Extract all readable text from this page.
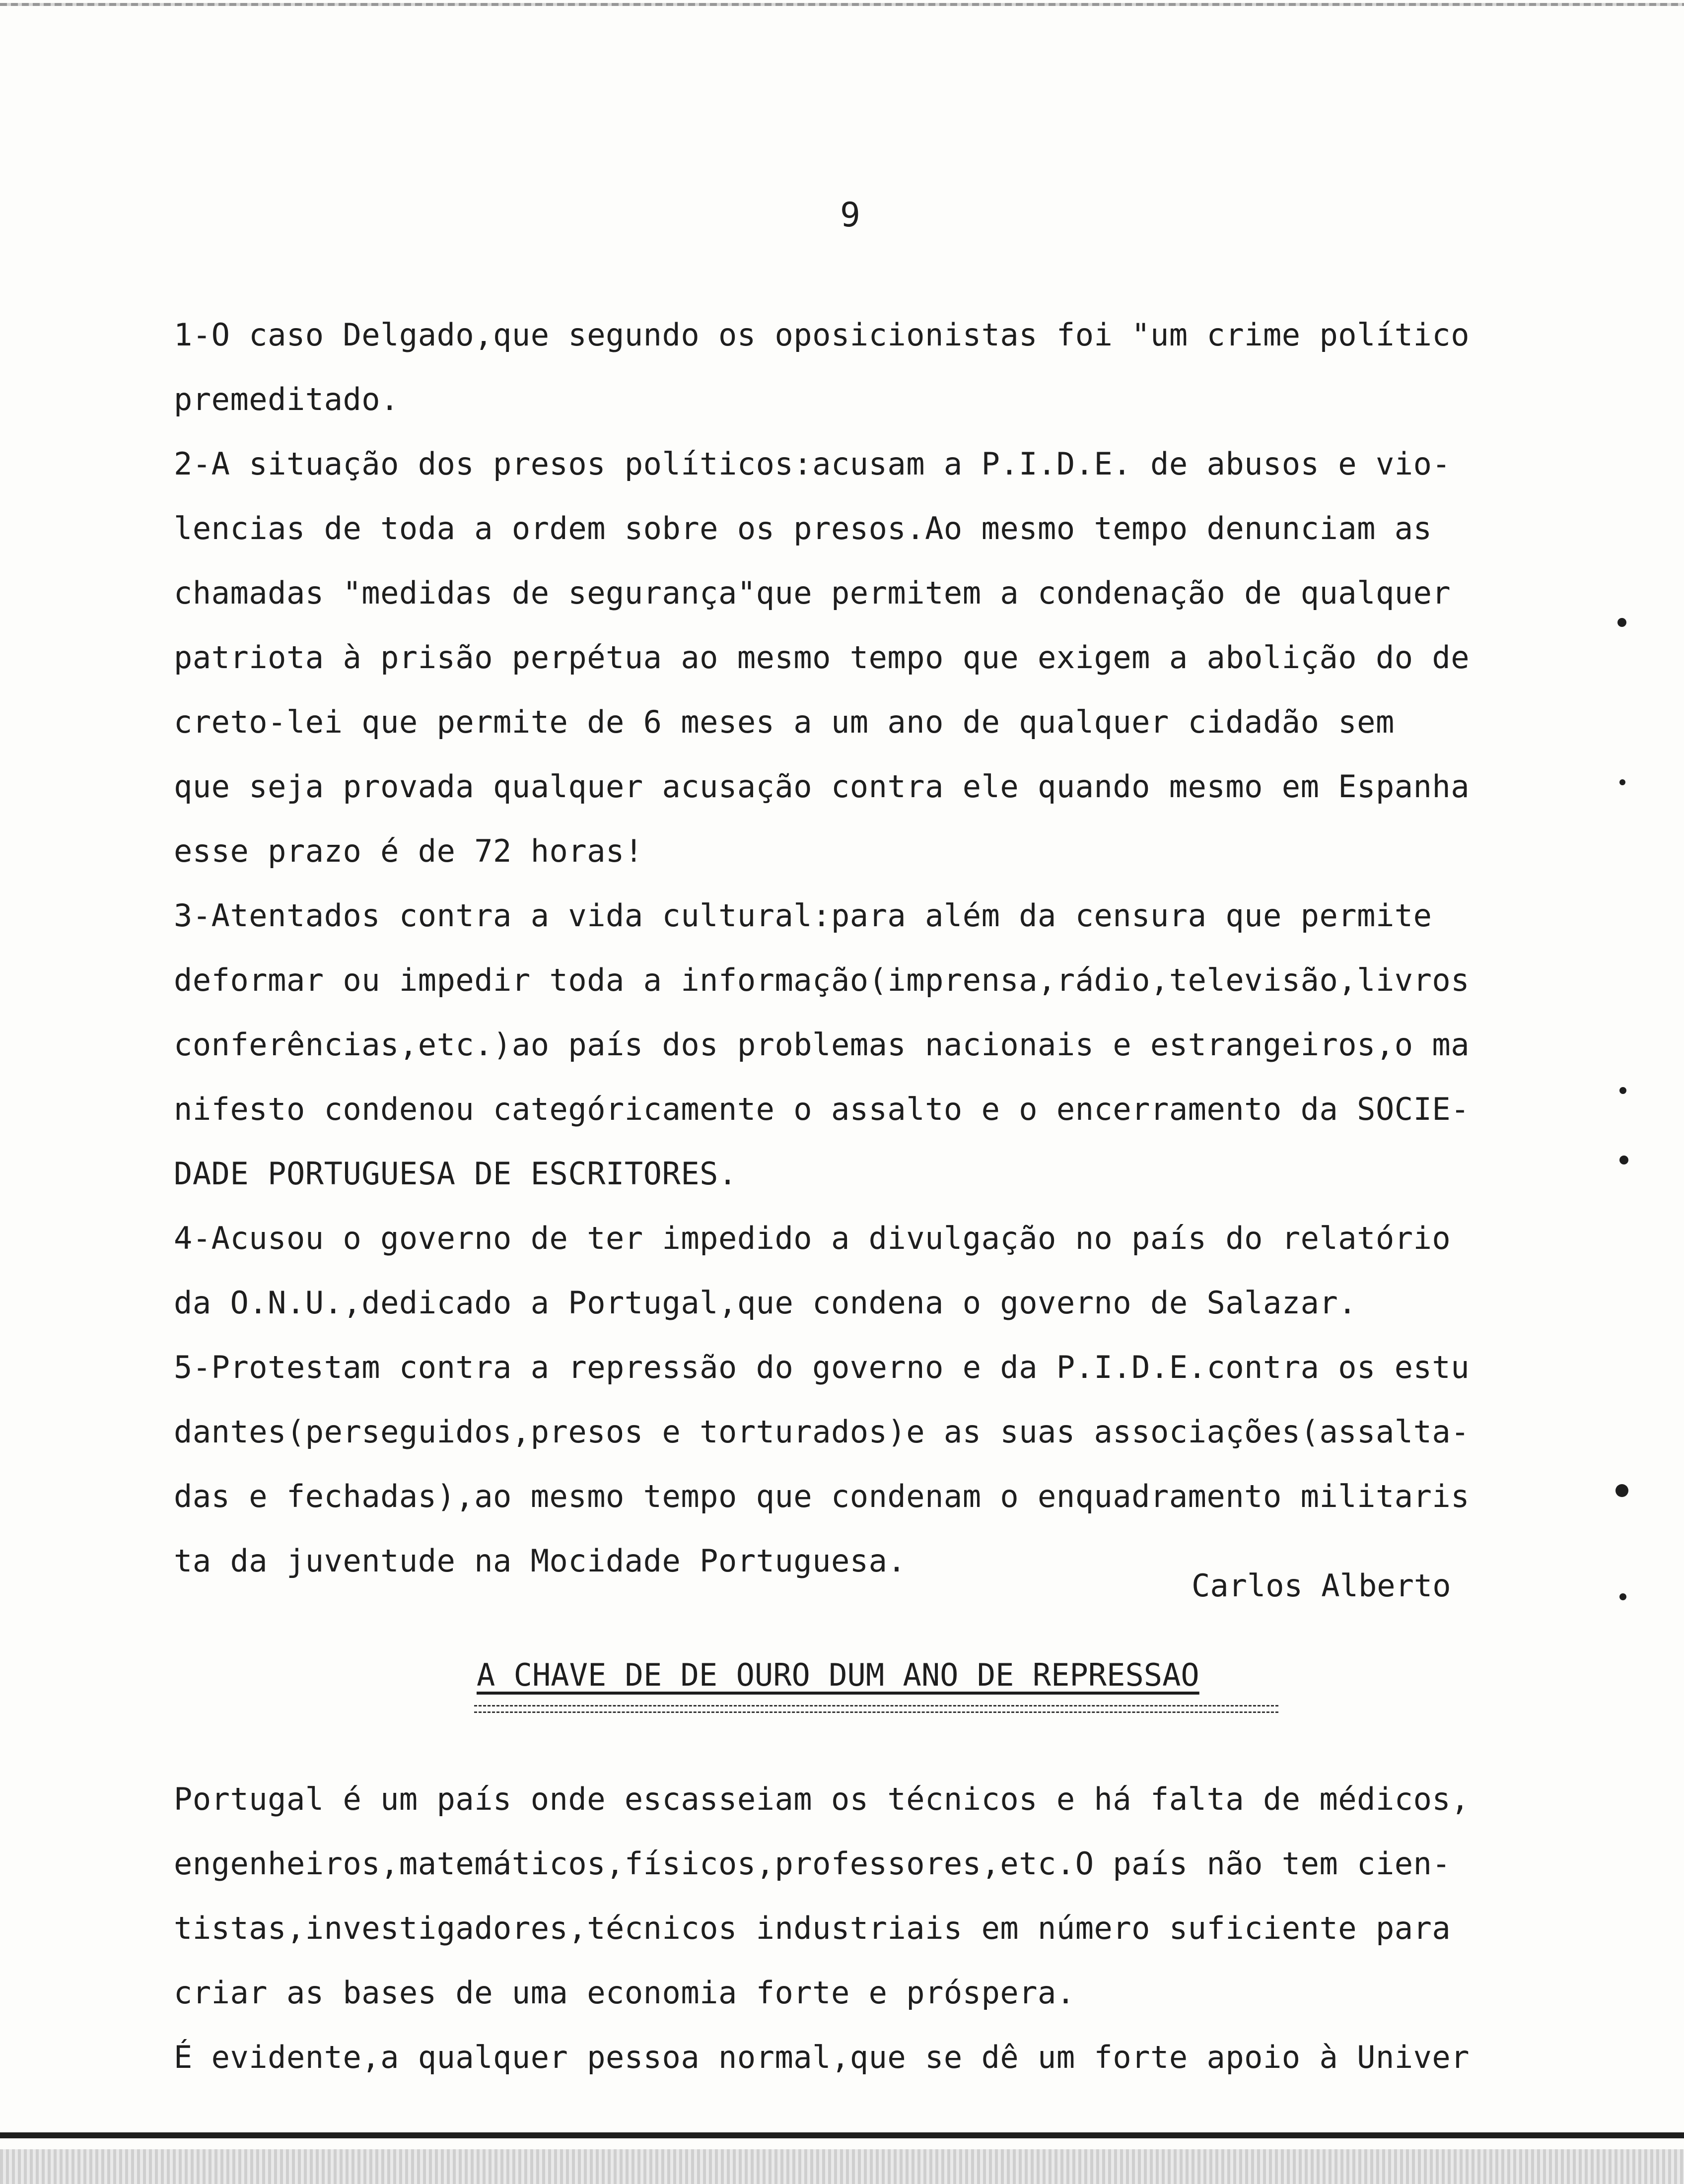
9
1-O caso Delgado,que segundo os oposicionistas foi "um crime político
premeditado.
2-A situação dos presos políticos:acusam a P.I.D.E. de abusos e vio-
lencias de toda a ordem sobre os presos.Ao mesmo tempo denunciam as
chamadas "medidas de segurança"que permitem a condenação de qualquer
patriota à prisão perpétua ao mesmo tempo que exigem a abolição do de
creto-lei que permite de 6 meses a um ano de qualquer cidadão sem
que seja provada qualquer acusação contra ele quando mesmo em Espanha
esse prazo é de 72 horas!
3-Atentados contra a vida cultural:para além da censura que permite
deformar ou impedir toda a informação(imprensa,rádio,televisão,livros
conferências,etc.)ao país dos problemas nacionais e estrangeiros,o ma
nifesto condenou categóricamente o assalto e o encerramento da SOCIE-
DADE PORTUGUESA DE ESCRITORES.
4-Acusou o governo de ter impedido a divulgação no país do relatório
da O.N.U.,dedicado a Portugal,que condena o governo de Salazar.
5-Protestam contra a repressão do governo e da P.I.D.E.contra os estu
dantes(perseguidos,presos e torturados)e as suas associações(assalta-
das e fechadas),ao mesmo tempo que condenam o enquadramento militaris
ta da juventude na Mocidade Portuguesa.
Carlos Alberto
A CHAVE DE DE OURO DUM ANO DE REPRESSAO
Portugal é um país onde escasseiam os técnicos e há falta de médicos,
engenheiros,matemáticos,físicos,professores,etc.O país não tem cien-
tistas,investigadores,técnicos industriais em número suficiente para
criar as bases de uma economia forte e próspera.
É evidente,a qualquer pessoa normal,que se dê um forte apoio à Univer
